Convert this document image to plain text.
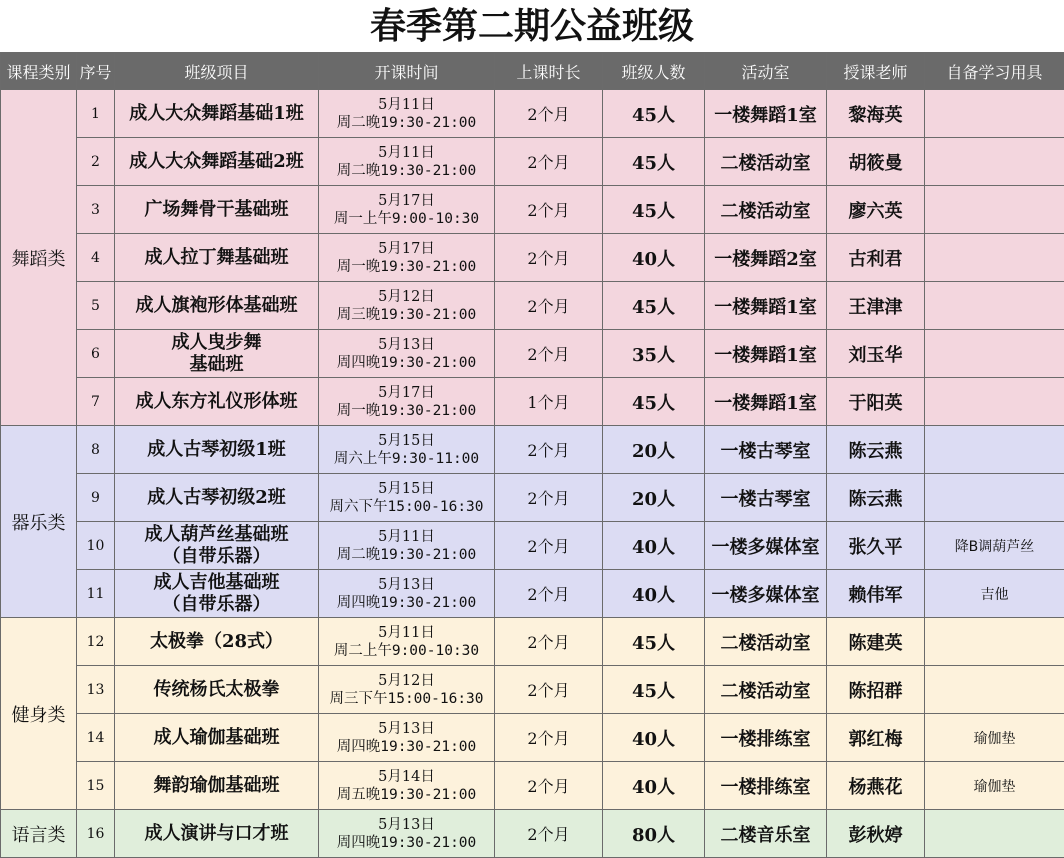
春季第二期公益班级
课程类别	序号	班级项目	开课时间	上课时长	班级人数	活动室	授课老师	自备学习用具
舞蹈类	1	成人大众舞蹈基础1班	5月11日
周二晚19:30-21:00	2个月	45人	一楼舞蹈1室	黎海英	
	2	成人大众舞蹈基础2班	5月11日
周二晚19:30-21:00	2个月	45人	二楼活动室	胡筱曼	
	3	广场舞骨干基础班	5月17日
周一上午9:00-10:30	2个月	45人	二楼活动室	廖六英	
	4	成人拉丁舞基础班	5月17日
周一晚19:30-21:00	2个月	40人	一楼舞蹈2室	古利君	
	5	成人旗袍形体基础班	5月12日
周三晚19:30-21:00	2个月	45人	一楼舞蹈1室	王津津	
	6	成人曳步舞
基础班	5月13日
周四晚19:30-21:00	2个月	35人	一楼舞蹈1室	刘玉华	
	7	成人东方礼仪形体班	5月17日
周一晚19:30-21:00	1个月	45人	一楼舞蹈1室	于阳英	
器乐类	8	成人古琴初级1班	5月15日
周六上午9:30-11:00	2个月	20人	一楼古琴室	陈云燕	
	9	成人古琴初级2班	5月15日
周六下午15:00-16:30	2个月	20人	一楼古琴室	陈云燕	
	10	成人葫芦丝基础班
（自带乐器）	5月11日
周二晚19:30-21:00	2个月	40人	一楼多媒体室	张久平	降B调葫芦丝
	11	成人吉他基础班
（自带乐器）	5月13日
周四晚19:30-21:00	2个月	40人	一楼多媒体室	赖伟军	吉他
健身类	12	太极拳（28式）	5月11日
周二上午9:00-10:30	2个月	45人	二楼活动室	陈建英	
	13	传统杨氏太极拳	5月12日
周三下午15:00-16:30	2个月	45人	二楼活动室	陈招群	
	14	成人瑜伽基础班	5月13日
周四晚19:30-21:00	2个月	40人	一楼排练室	郭红梅	瑜伽垫
	15	舞韵瑜伽基础班	5月14日
周五晚19:30-21:00	2个月	40人	一楼排练室	杨燕花	瑜伽垫
语言类	16	成人演讲与口才班	5月13日
周四晚19:30-21:00	2个月	80人	二楼音乐室	彭秋婷	
